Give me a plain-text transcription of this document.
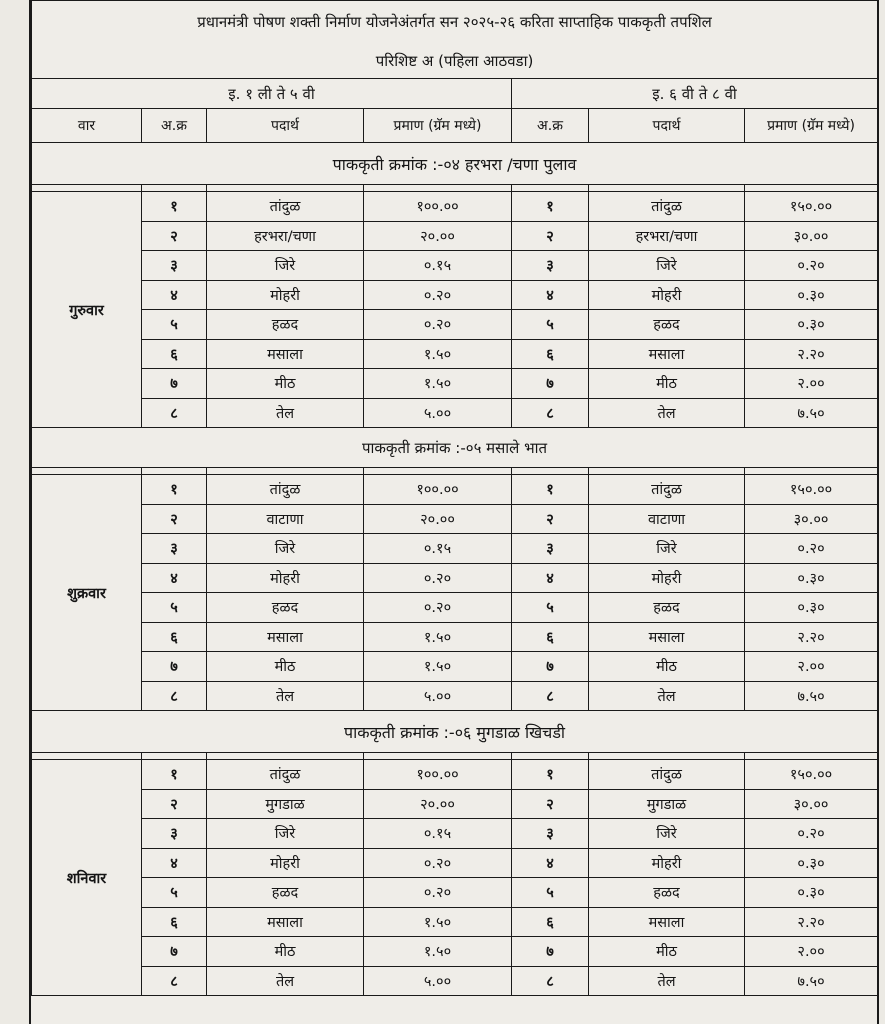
प्रधानमंत्री पोषण शक्ती निर्माण योजनेअंतर्गत सन २०२५-२६ करिता साप्ताहिक पाककृती तपशिल						
परिशिष्ट अ (पहिला आठवडा)						
इ. १ ली ते ५ वी				इ. ६ वी ते ८ वी		
वार	अ.क्र	पदार्थ	प्रमाण (ग्रॅम मध्ये)	अ.क्र	पदार्थ	प्रमाण (ग्रॅम मध्ये)
पाककृती क्रमांक :-०४ हरभरा /चणा पुलाव						

गुरुवार	१	तांदुळ	१००.००	१	तांदुळ	१५०.००
	२	हरभरा/चणा	२०.००	२	हरभरा/चणा	३०.००
	३	जिरे	०.१५	३	जिरे	०.२०
	४	मोहरी	०.२०	४	मोहरी	०.३०
	५	हळद	०.२०	५	हळद	०.३०
	६	मसाला	१.५०	६	मसाला	२.२०
	७	मीठ	१.५०	७	मीठ	२.००
	८	तेल	५.००	८	तेल	७.५०
पाककृती क्रमांक :-०५ मसाले भात						

शुक्रवार	१	तांदुळ	१००.००	१	तांदुळ	१५०.००
	२	वाटाणा	२०.००	२	वाटाणा	३०.००
	३	जिरे	०.१५	३	जिरे	०.२०
	४	मोहरी	०.२०	४	मोहरी	०.३०
	५	हळद	०.२०	५	हळद	०.३०
	६	मसाला	१.५०	६	मसाला	२.२०
	७	मीठ	१.५०	७	मीठ	२.००
	८	तेल	५.००	८	तेल	७.५०
पाककृती क्रमांक :-०६ मुगडाळ खिचडी						

शनिवार	१	तांदुळ	१००.००	१	तांदुळ	१५०.००
	२	मुगडाळ	२०.००	२	मुगडाळ	३०.००
	३	जिरे	०.१५	३	जिरे	०.२०
	४	मोहरी	०.२०	४	मोहरी	०.३०
	५	हळद	०.२०	५	हळद	०.३०
	६	मसाला	१.५०	६	मसाला	२.२०
	७	मीठ	१.५०	७	मीठ	२.००
	८	तेल	५.००	८	तेल	७.५०
